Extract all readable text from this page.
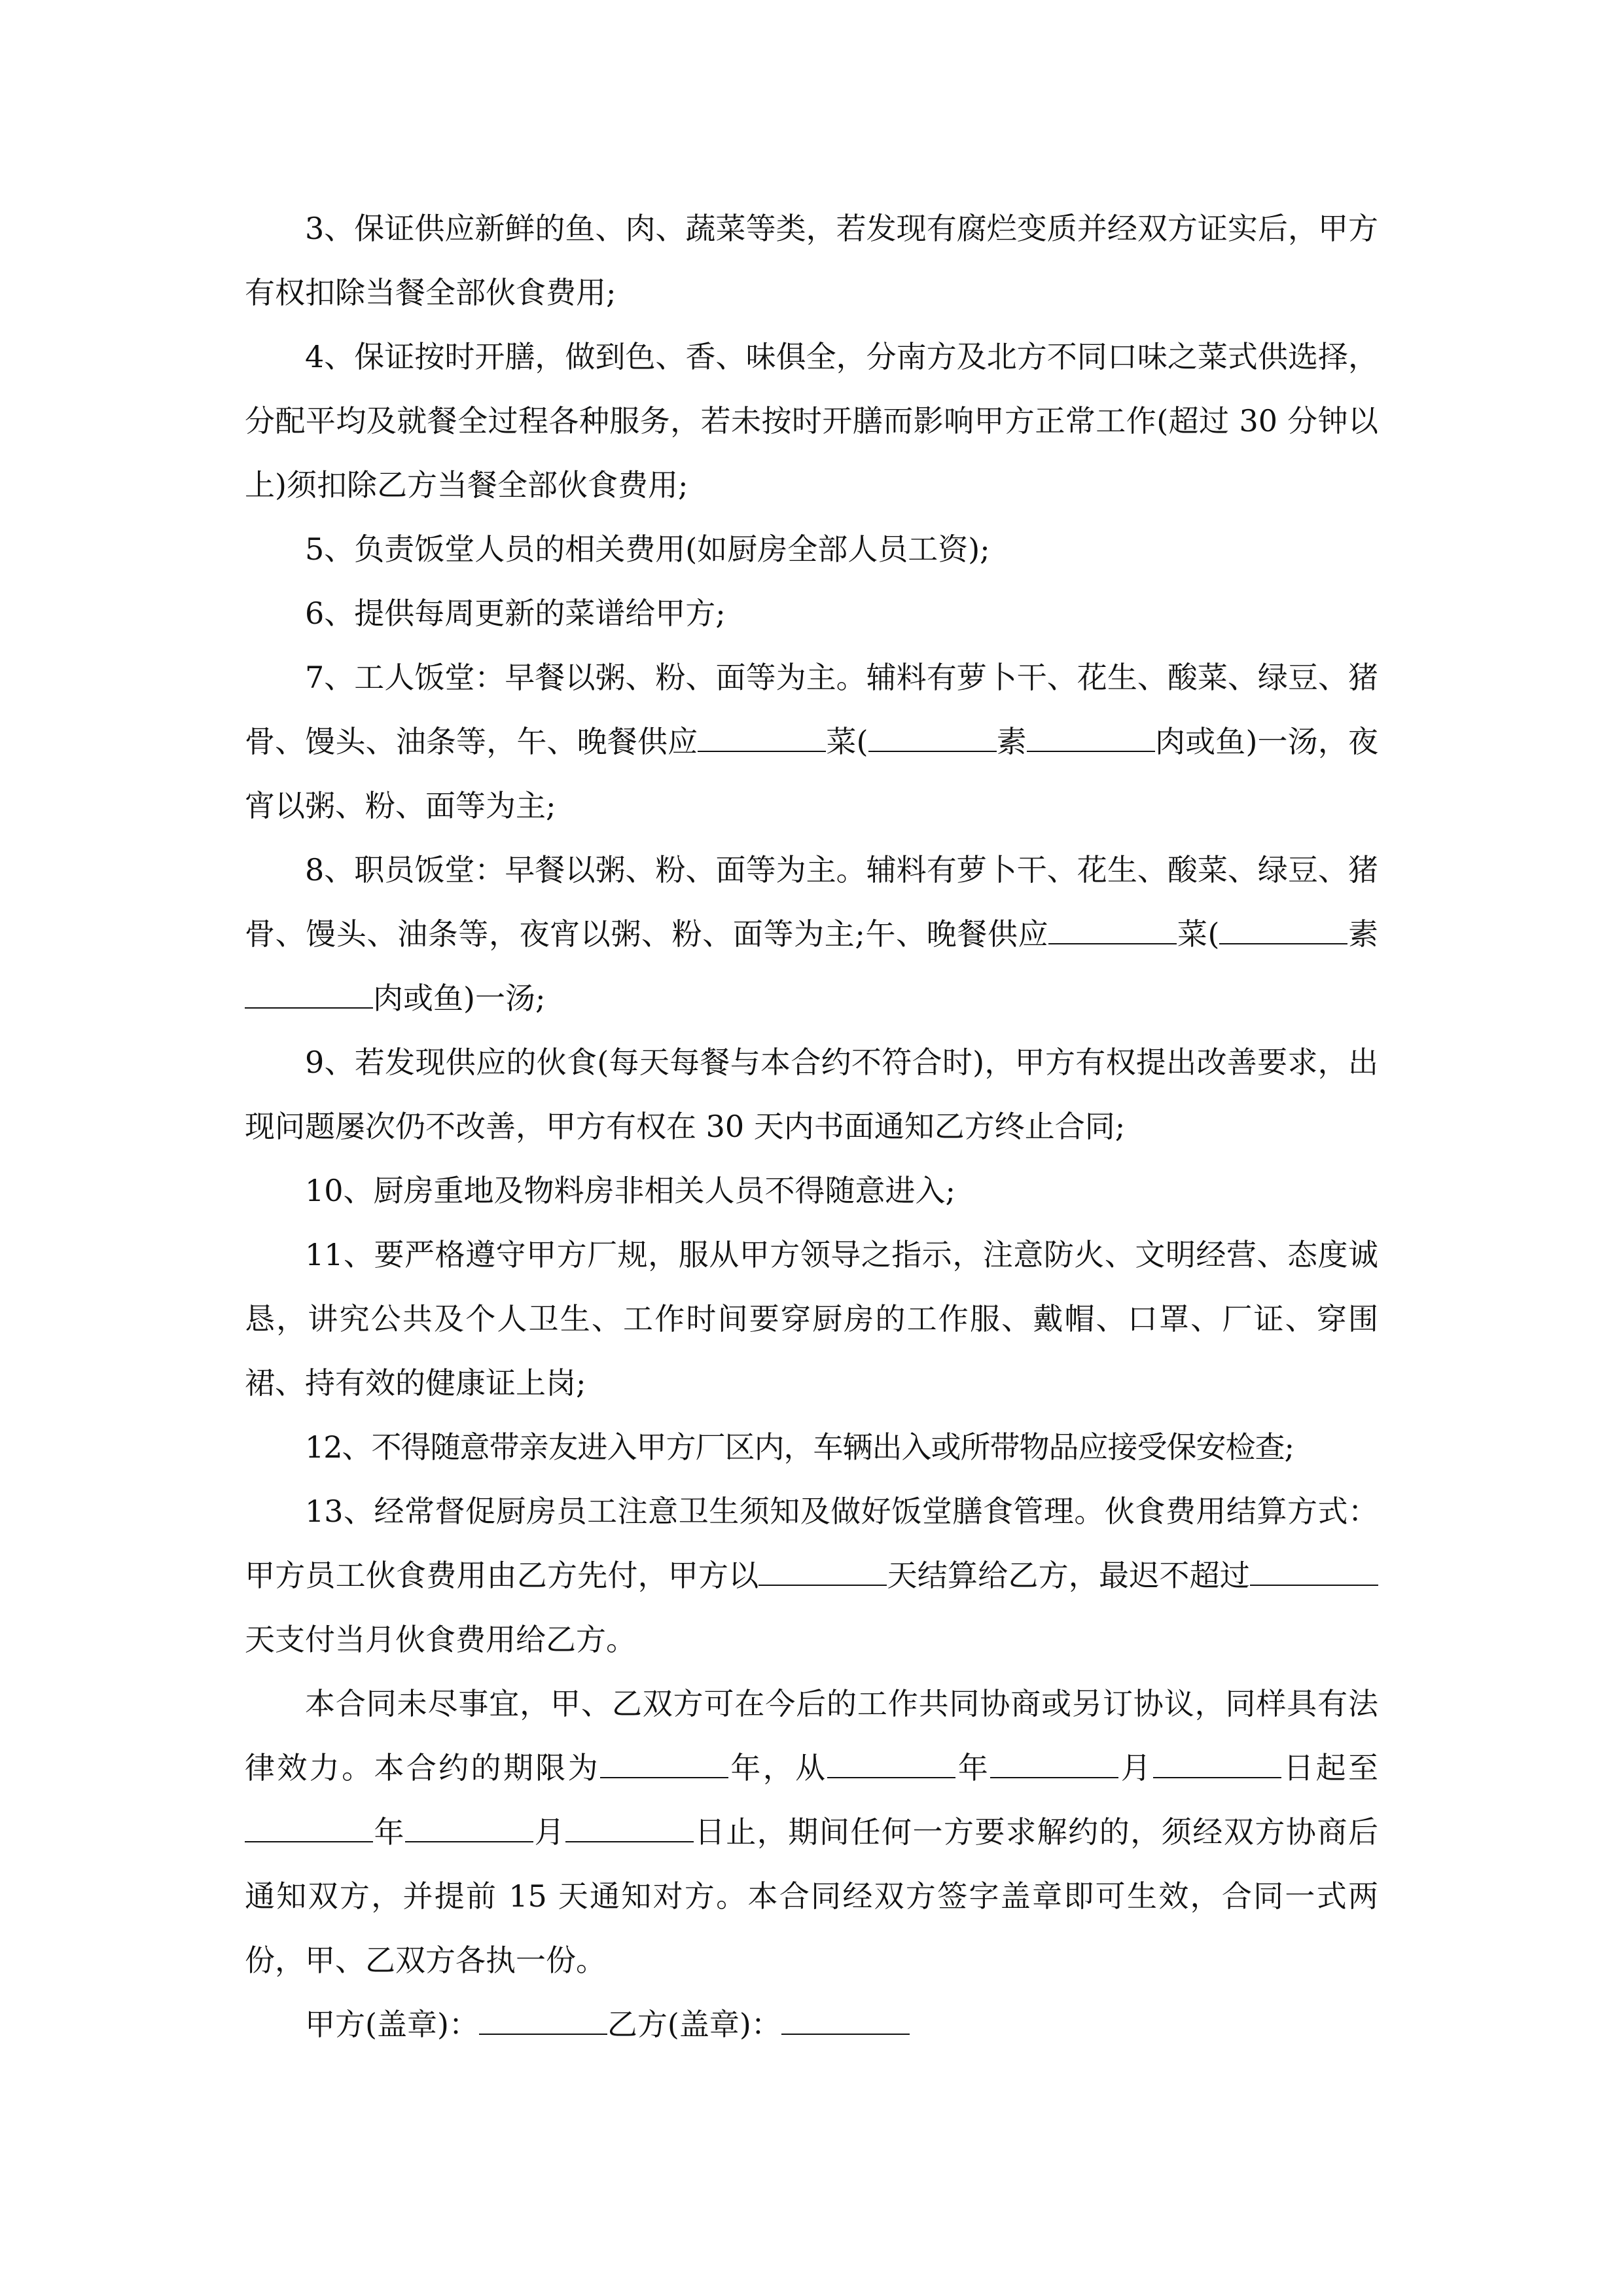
3、保证供应新鲜的鱼、肉、蔬菜等类，若发现有腐烂变质并经双方证实后，甲方有权扣除当餐全部伙食费用;

4、保证按时开膳，做到色、香、味俱全，分南方及北方不同口味之菜式供选择，分配平均及就餐全过程各种服务，若未按时开膳而影响甲方正常工作(超过 30 分钟以上)须扣除乙方当餐全部伙食费用;

5、负责饭堂人员的相关费用(如厨房全部人员工资);

6、提供每周更新的菜谱给甲方;

7、工人饭堂：早餐以粥、粉、面等为主。辅料有萝卜干、花生、酸菜、绿豆、猪骨、馒头、油条等，午、晚餐供应	菜(	素	肉或鱼)一汤，夜宵以粥、粉、面等为主;

8、职员饭堂：早餐以粥、粉、面等为主。辅料有萝卜干、花生、酸菜、绿豆、猪骨、馒头、油条等，夜宵以粥、粉、面等为主;午、晚餐供应	菜(	素肉或鱼)一汤;

9、若发现供应的伙食(每天每餐与本合约不符合时)，甲方有权提出改善要求，出现问题屡次仍不改善，甲方有权在 30 天内书面通知乙方终止合同;

10、厨房重地及物料房非相关人员不得随意进入;

11、要严格遵守甲方厂规，服从甲方领导之指示，注意防火、文明经营、态度诚恳，讲究公共及个人卫生、工作时间要穿厨房的工作服、戴帽、口罩、厂证、穿围裙、持有效的健康证上岗;

12、不得随意带亲友进入甲方厂区内，车辆出入或所带物品应接受保安检查;

13、经常督促厨房员工注意卫生须知及做好饭堂膳食管理。伙食费用结算方式：甲方员工伙食费用由乙方先付，甲方以	天结算给乙方，最迟不超过天支付当月伙食费用给乙方。

本合同未尽事宜，甲、乙双方可在今后的工作共同协商或另订协议，同样具有法律效力。本合约的期限为	年，从	年	月	日起至年	月	日止，期间任何一方要求解约的，须经双方协商后通知双方，并提前 15 天通知对方。本合同经双方签字盖章即可生效，合同一式两份，甲、乙双方各执一份。

甲方(盖章)：	乙方(盖章)：
